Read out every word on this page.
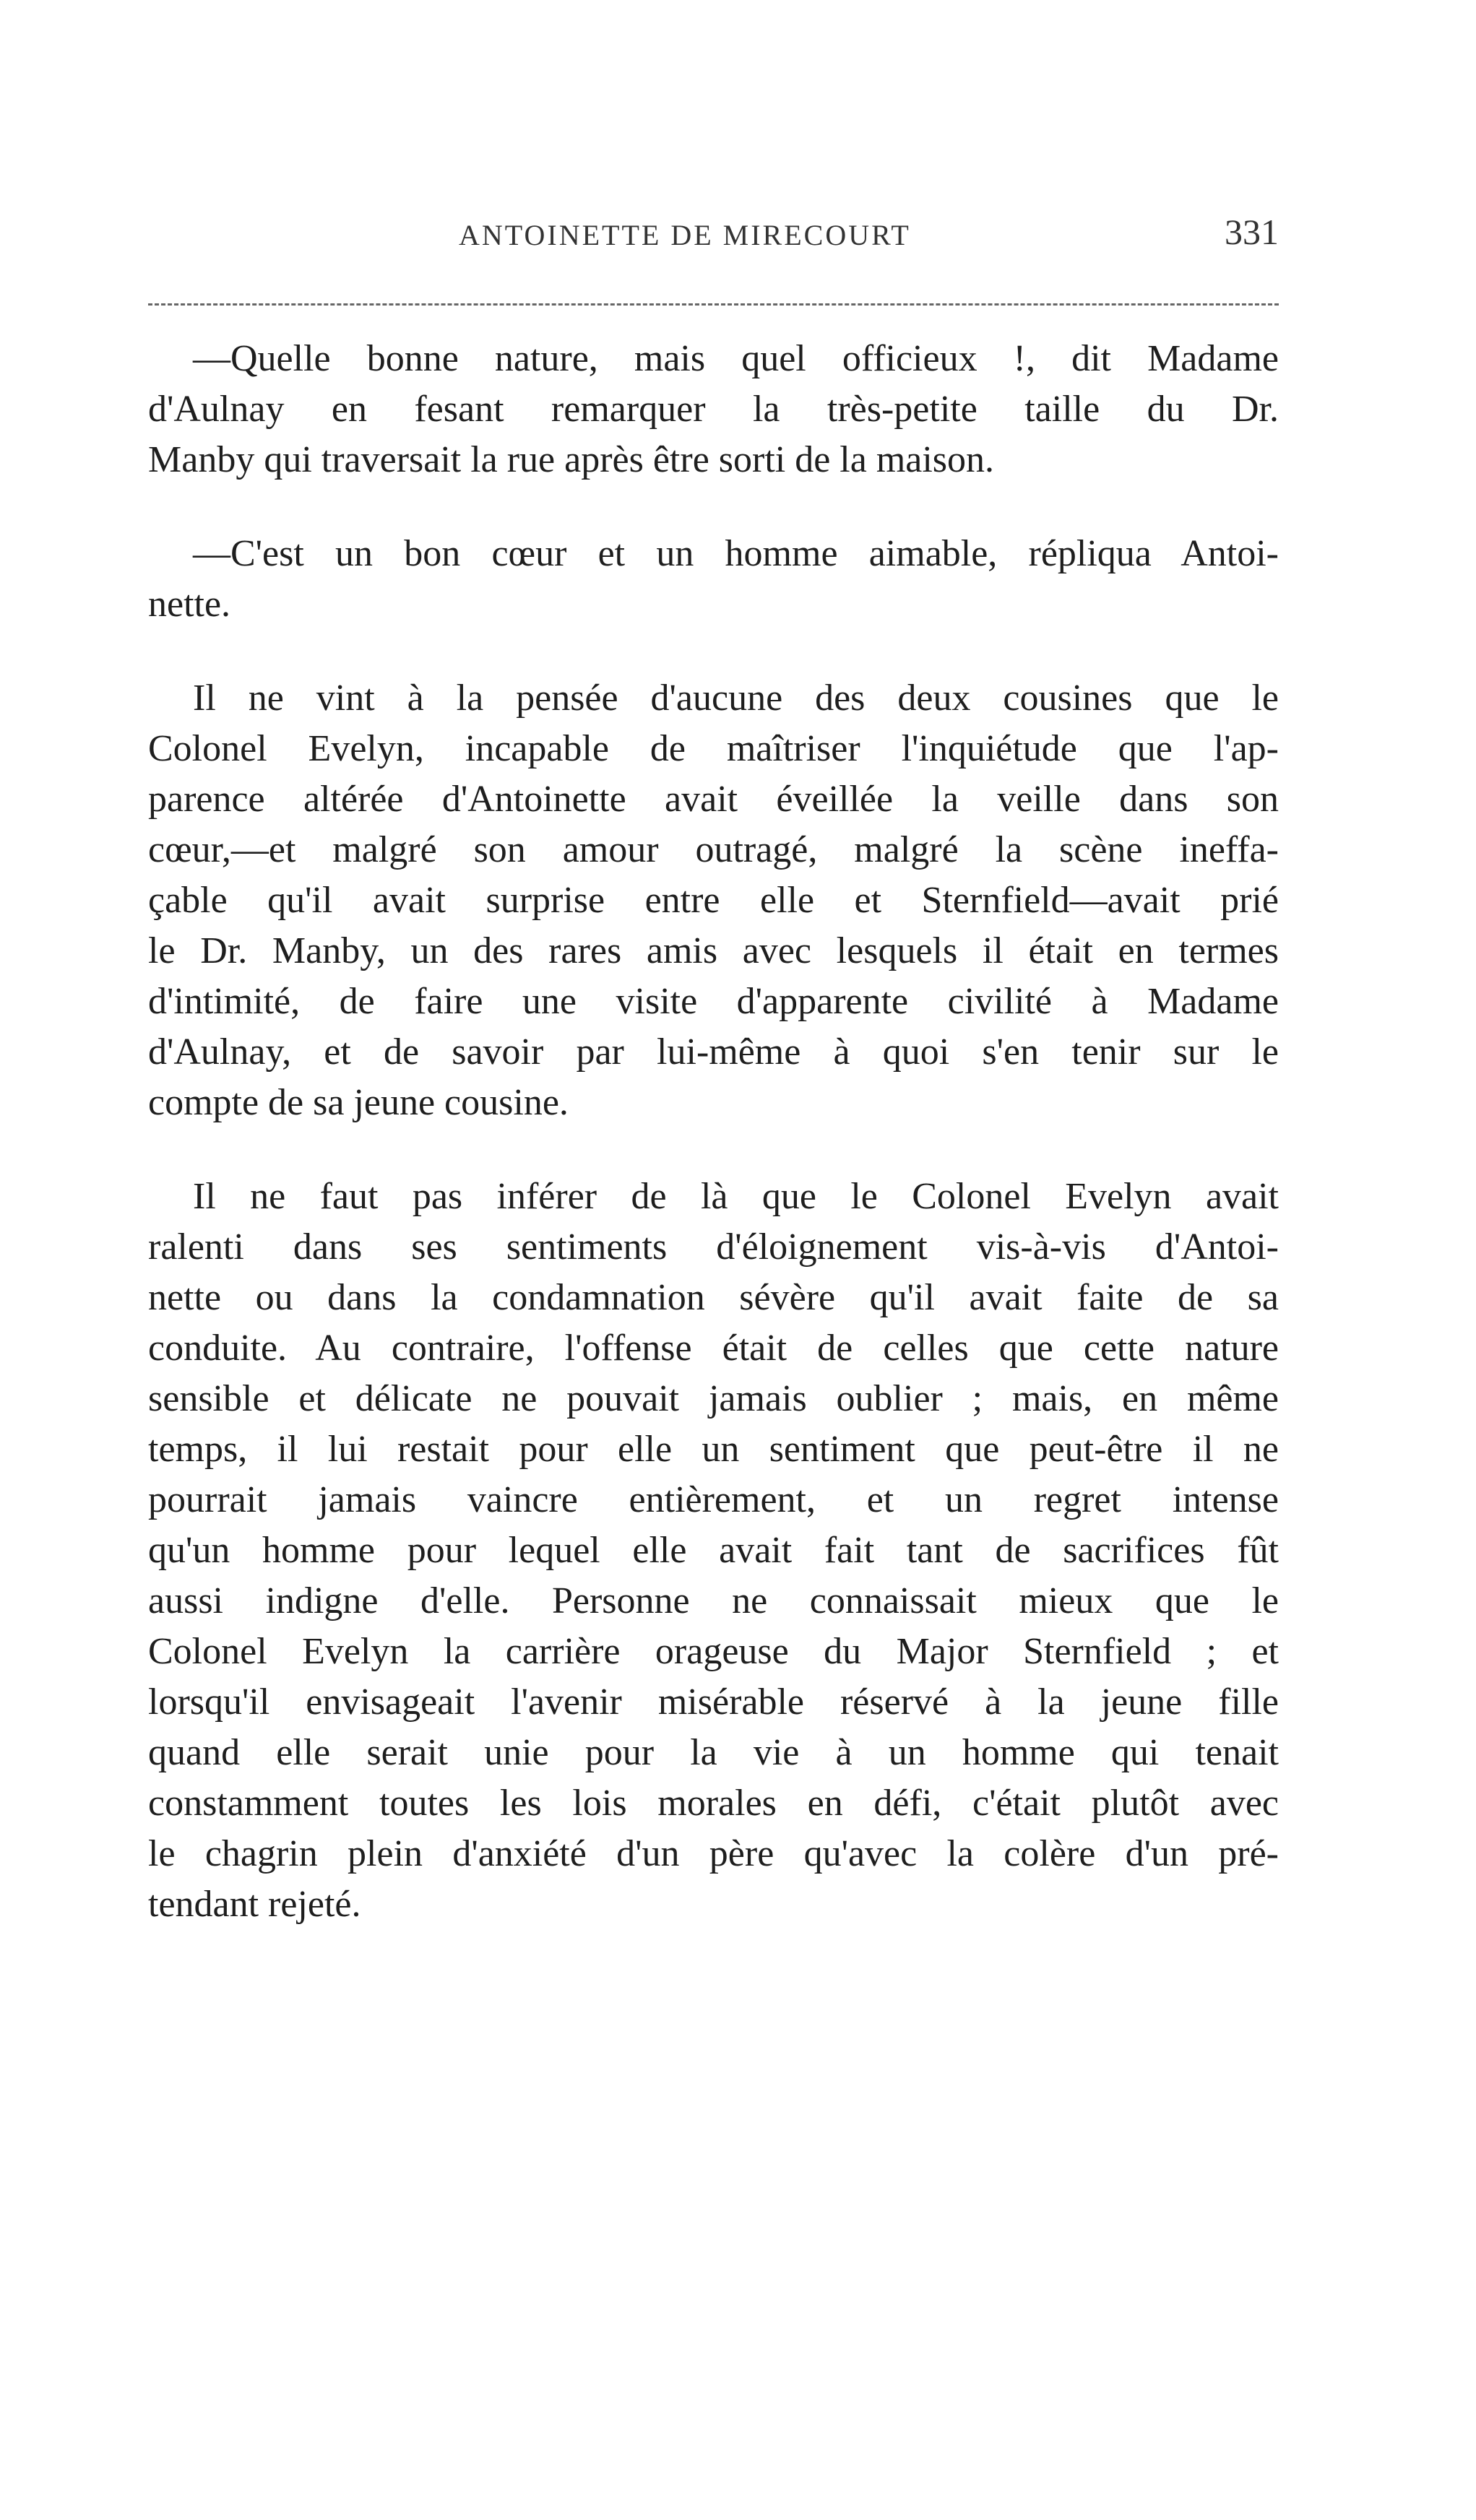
ANTOINETTE DE MIRECOURT	331
—Quelle bonne nature, mais quel officieux !, dit Madame
d'Aulnay en fesant remarquer la très-petite taille du Dr.
Manby qui traversait la rue après être sorti de la maison.
—C'est un bon cœur et un homme aimable, répliqua Antoi-
nette.
Il ne vint à la pensée d'aucune des deux cousines que le
Colonel Evelyn, incapable de maîtriser l'inquiétude que l'ap-
parence altérée d'Antoinette avait éveillée la veille dans son
cœur,—et malgré son amour outragé, malgré la scène ineffa-
çable qu'il avait surprise entre elle et Sternfield—avait prié
le Dr. Manby, un des rares amis avec lesquels il était en termes
d'intimité, de faire une visite d'apparente civilité à Madame
d'Aulnay, et de savoir par lui-même à quoi s'en tenir sur le
compte de sa jeune cousine.
Il ne faut pas inférer de là que le Colonel Evelyn avait
ralenti dans ses sentiments d'éloignement vis-à-vis d'Antoi-
nette ou dans la condamnation sévère qu'il avait faite de sa
conduite. Au contraire, l'offense était de celles que cette nature
sensible et délicate ne pouvait jamais oublier ; mais, en même
temps, il lui restait pour elle un sentiment que peut-être il ne
pourrait jamais vaincre entièrement, et un regret intense
qu'un homme pour lequel elle avait fait tant de sacrifices fût
aussi indigne d'elle. Personne ne connaissait mieux que le
Colonel Evelyn la carrière orageuse du Major Sternfield ; et
lorsqu'il envisageait l'avenir misérable réservé à la jeune fille
quand elle serait unie pour la vie à un homme qui tenait
constamment toutes les lois morales en défi, c'était plutôt avec
le chagrin plein d'anxiété d'un père qu'avec la colère d'un pré-
tendant rejeté.
